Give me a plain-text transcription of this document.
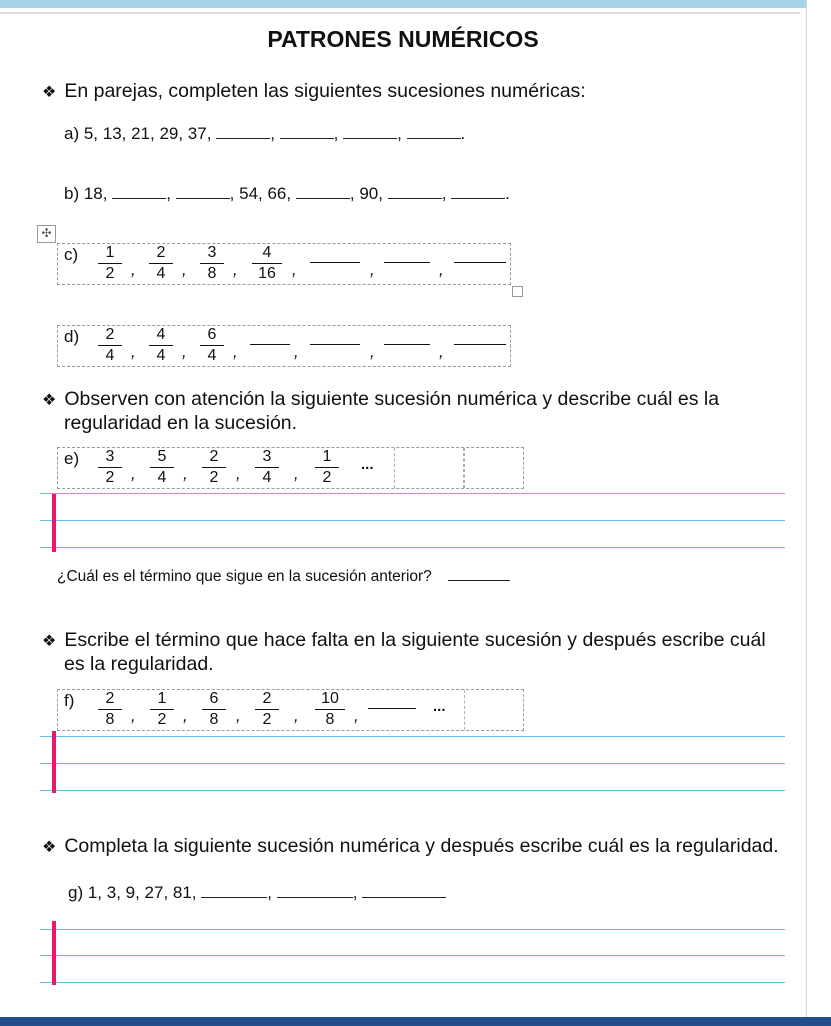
PATRONES NUMÉRICOS
❖ En parejas, completen las siguientes sucesiones numéricas:
a) 5, 13, 21, 29, 37,	,	,	,	.
b) 18,	,	, 54, 66,	, 90,	,	.
✣
c)	1
2 ,
2
4 ,
3
8 ,
4
16 ,	,	,
d)	2
4 ,
4
4 ,
6
4 ,	,	,	,
❖ Observen con atención la siguiente sucesión numérica y describe cuál es la
regularidad en la sucesión.
e)	3
2 ,
5
4 ,
2
2	,
3
4	,
1
2
...
¿Cuál es el término que sigue en la sucesión anterior?
❖ Escribe el término que hace falta en la siguiente sucesión y después escribe cuál
es la regularidad.
f)	2
8 ,
1
2 ,
6
8	,
2
2	,
10
8	,	...
❖ Completa la siguiente sucesión numérica y después escribe cuál es la regularidad.
g) 1, 3, 9, 27, 81,	,	,
